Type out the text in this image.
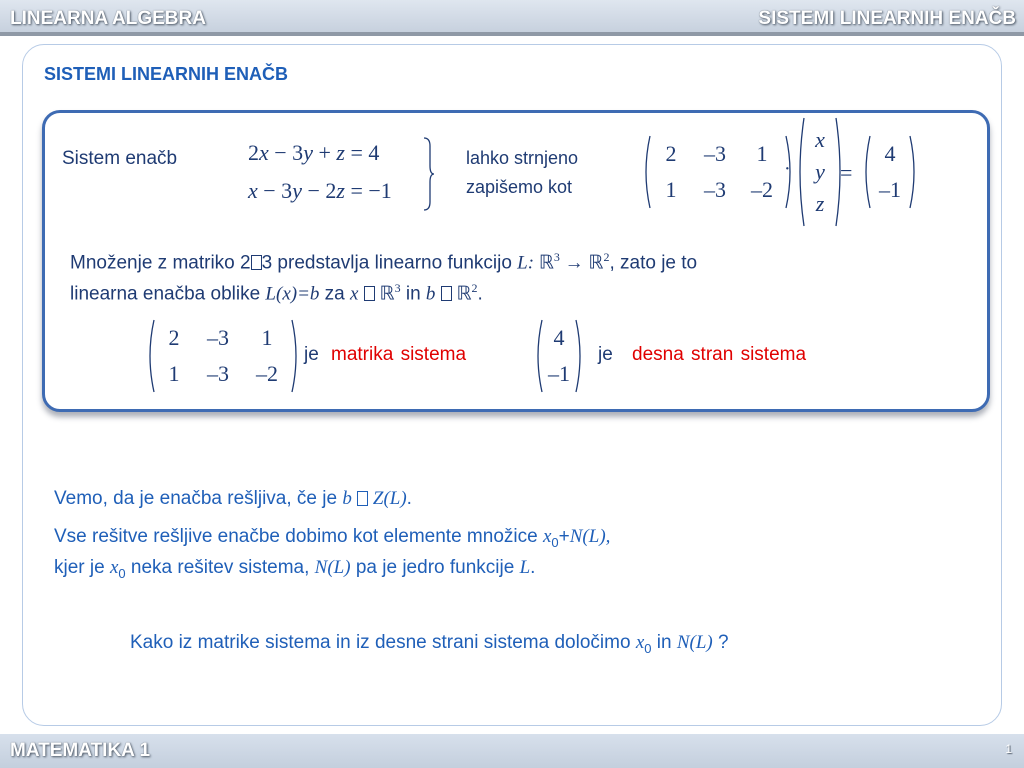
LINEARNA ALGEBRA	SISTEMI LINEARNIH ENAČB
SISTEMI LINEARNIH ENAČB
Sistem enačb	2x − 3y + z = 4
x − 3y − 2z = −1
lahko strnjeno
zapišemo kot
2	–3	1
1	–3	–2
·
x
y
z
=
4
–1
Množenje z matriko 2 3 predstavlja linearno funkcijo L: ℝ$^3$ → ℝ$^2$, zato je to
linearna enačba oblike L(x)=b za x  ℝ$^3$ in b  ℝ$^2$.
2	–3	1
1	–3	–2
je matrika sistema
4
–1
je desna stran sistema
Vemo, da je enačba rešljiva, če je b  Z(L).
Vse rešitve rešljive enačbe dobimo kot elemente množice $x_0+N(L)$,
kjer je $x_0$ neka rešitev sistema, N(L) pa je jedro funkcije L.
Kako iz matrike sistema in iz desne strani sistema določimo $x_0$ in N(L) ?
MATEMATIKA 1	1
